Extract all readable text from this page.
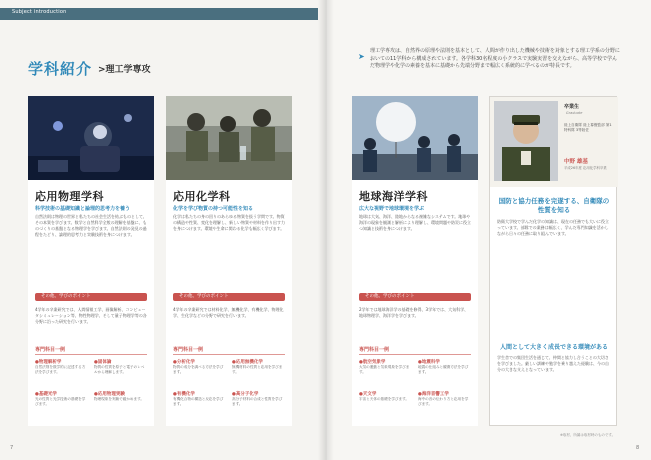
Subject introduction
学科紹介 >理工学専攻
➤
理工学専攻は、自然界の原理や法則を基本として、人間が作り出した機械や技術を対象とする理工学系の分野においての11学科から構成されています。各学科30名程度の小クラスで実験実習を交えながら、高等学校で学んだ物理学や化学の素養を基本に基礎から先端分野まで幅広く系統的に学べるのが特長です。
応用物理学科
科学技術の基礎知識と論理的思考力を養う
自然法則は物理の世界と私たちの社会生活を結ぶものとして、その本質を学びます。数学と自然科学全般の理解を基盤に、ものづくりの基盤となる物理学を学びます。自然法則の発見の過程をたどり、論理的思考力と実験技術を身につけます。
その他、学びのポイント
4学年の卒業研究では、人間情報工学、画像解析、コンピュータシミュレーション等、物性物理学、そして量子物理学等の各分野に沿った研究を行います。
専門科目一例
●物理解析学
自然法則を数学的に記述する方法を学びます。
●固体論
物質の性質を原子と電子のレベルから理解します。
●基礎光学
光の性質と光学技術の基礎を学びます。
●応用物理実験
物理現象を実験で確かめます。
応用化学科
化学を学び物質の持つ可能性を知る
化学は私たちの身の回りのあらゆる物質を扱う学問です。物質の構造や性質、変化を理解し、新しい物質や材料を作り出す力を身につけます。環境や生命に関わる化学も幅広く学びます。
その他、学びのポイント
4学年の卒業研究では材料化学、無機化学、有機化学、物理化学、生化学などの分野で研究を行います。
専門科目一例
●分析化学
物質の成分を調べる方法を学びます。
●応用無機化学
無機材料の性質と応用を学びます。
●有機化学
有機化合物の構造と反応を学びます。
●高分子化学
高分子材料の合成と性質を学びます。
地球海洋学科
広大な視野で地球環境を学ぶ
地球は大気、海洋、陸地からなる複雑なシステムです。地球や海洋の現象を観測と解析により理解し、環境問題や防災に役立つ知識と技術を身につけます。
その他、学びのポイント
2学年では地球海洋学の基礎を修得、3学年では、大気科学、地球物理学、海洋学を学びます。
専門科目一例
●航空気象学
大気の運動と気象現象を学びます。
●地震科学
地震の仕組みと観測方法を学びます。
●天文学
宇宙と天体の基礎を学びます。
●海洋音響工学
海中の音の伝わり方と応用を学びます。
卒業生
Graduate
陸上自衛隊 陸上幕僚監部 第1特科隊 3等陸佐
中野 雄基
平成26年度 応用化学科卒業
国防と協力任務を完遂する、自衛隊の性質を知る
防衛大学校で学んだ化学の知識は、現在の任務でも大いに役立っています。部隊での業務は幅広く、学んだ専門知識を活かしながら日々の任務に取り組んでいます。
人間として大きく成長できる環境がある
学生舎での集団生活を通じて、仲間と協力し合うことの大切さを学びました。厳しい訓練や勉学を乗り越えた経験は、今の自分の大きな支えとなっています。
※取材、所属は取材時のものです。
7	8
